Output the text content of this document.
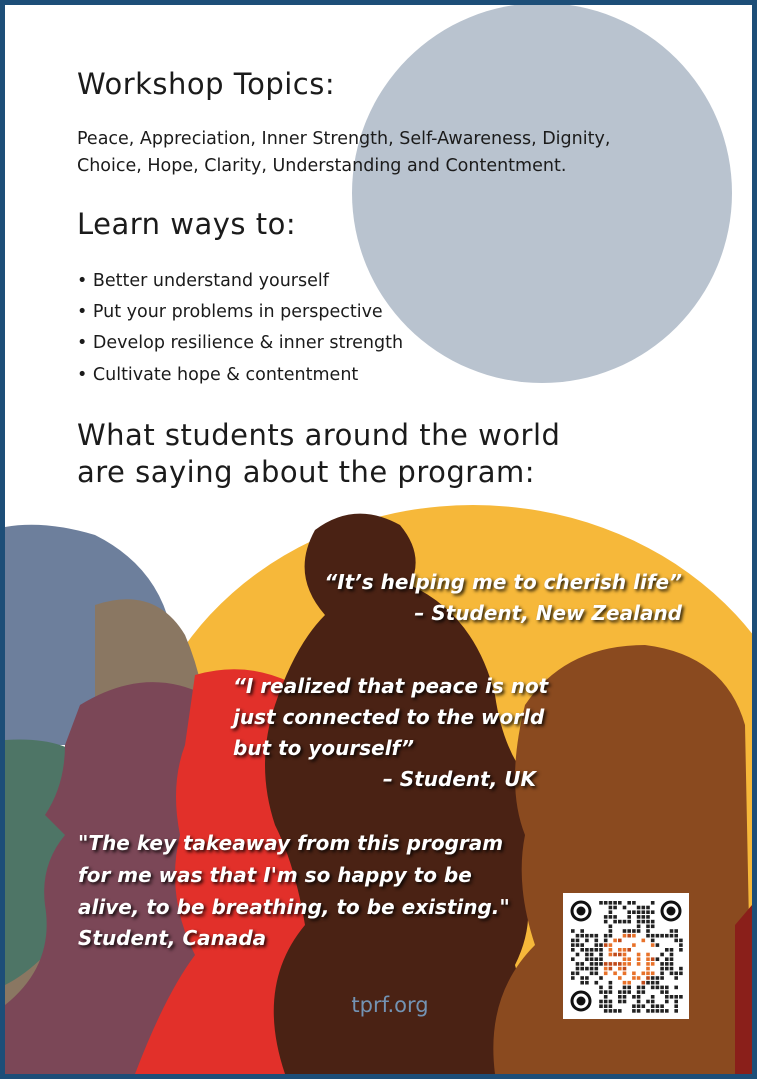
Workshop Topics:
Peace, Appreciation, Inner Strength, Self-Awareness, Dignity,
Choice, Hope, Clarity, Understanding and Contentment.
Learn ways to:
• Better understand yourself
• Put your problems in perspective
• Develop resilience & inner strength
• Cultivate hope & contentment
What students around the world
are saying about the program:
“It’s helping me to cherish life”
– Student, New Zealand
“I realized that peace is not
just connected to the world
but to yourself”
– Student, UK
"The key takeaway from this program
for me was that I'm so happy to be
alive, to be breathing, to be existing."
Student, Canada
tprf.org
